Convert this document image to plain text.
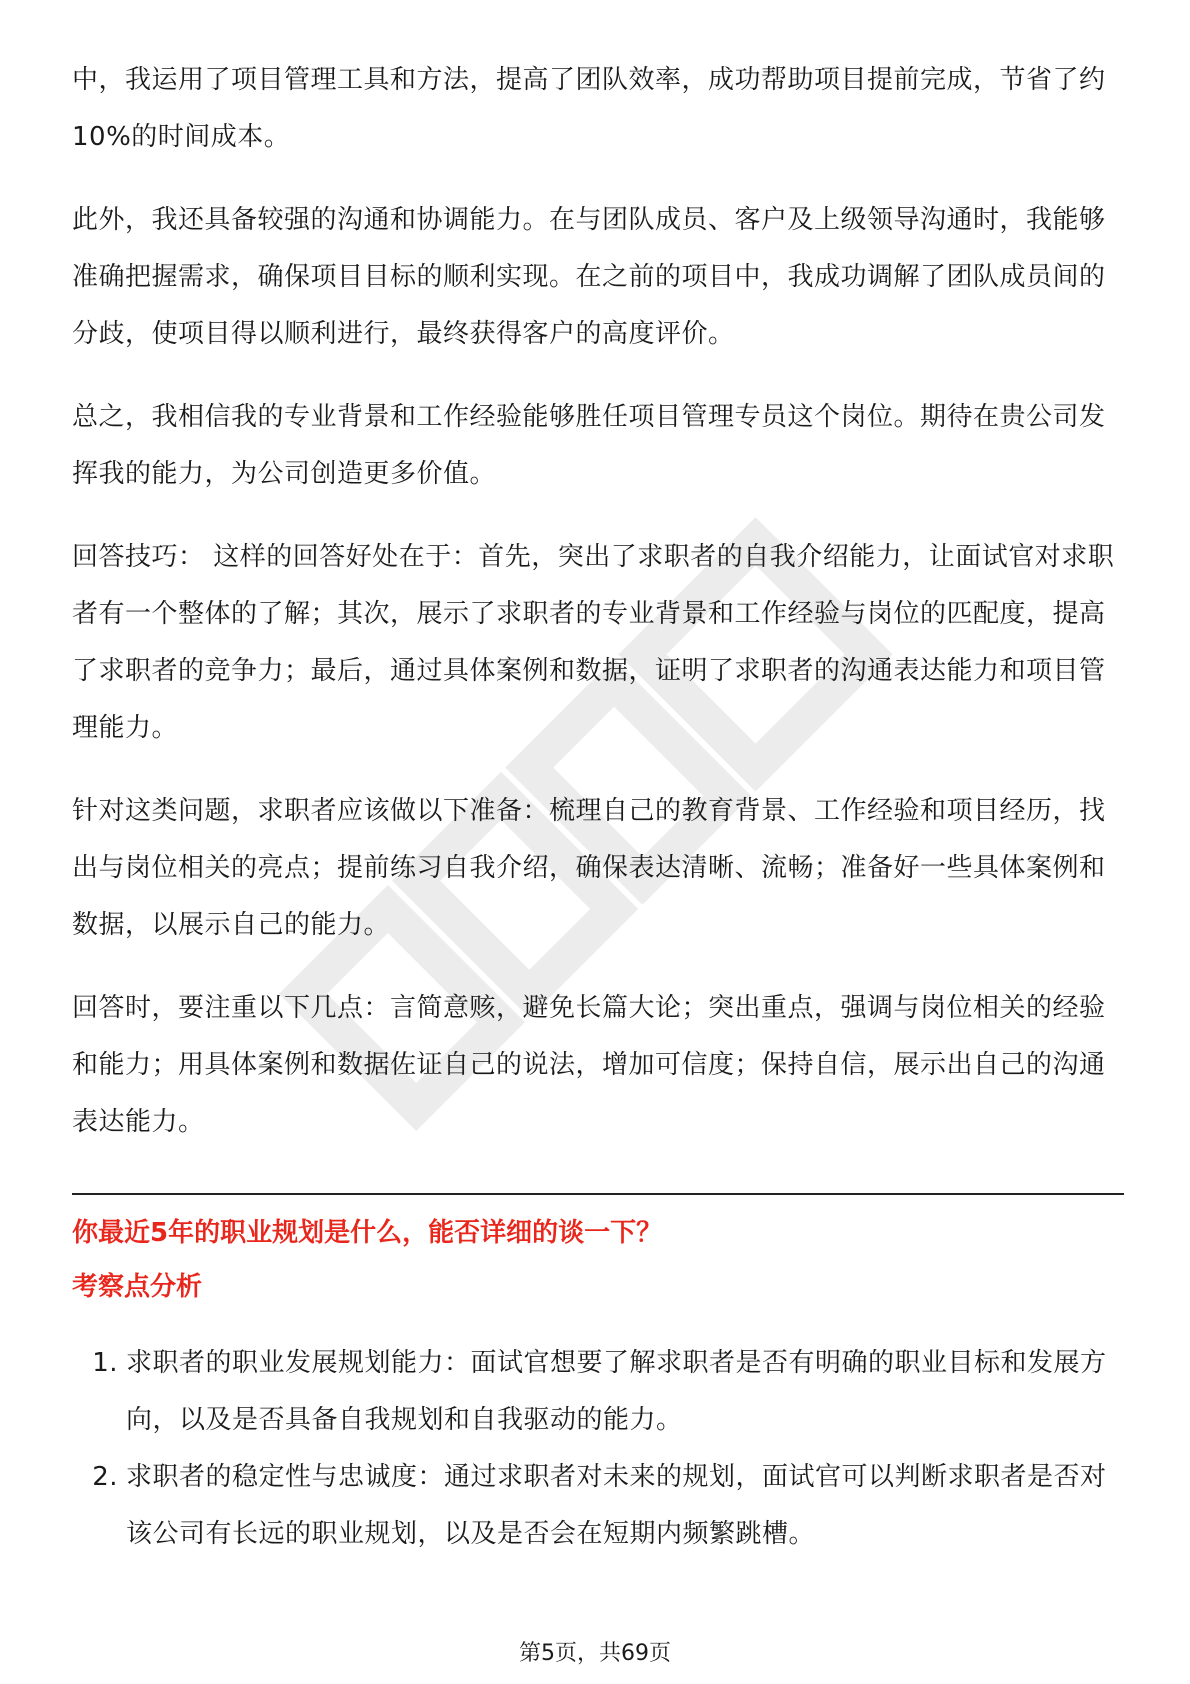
中，我运用了项目管理工具和方法，提高了团队效率，成功帮助项目提前完成，节省了约10%的时间成本。

此外，我还具备较强的沟通和协调能力。在与团队成员、客户及上级领导沟通时，我能够准确把握需求，确保项目目标的顺利实现。在之前的项目中，我成功调解了团队成员间的分歧，使项目得以顺利进行，最终获得客户的高度评价。

总之，我相信我的专业背景和工作经验能够胜任项目管理专员这个岗位。期待在贵公司发挥我的能力，为公司创造更多价值。

回答技巧： 这样的回答好处在于：首先，突出了求职者的自我介绍能力，让面试官对求职者有一个整体的了解；其次，展示了求职者的专业背景和工作经验与岗位的匹配度，提高了求职者的竞争力；最后，通过具体案例和数据，证明了求职者的沟通表达能力和项目管理能力。

针对这类问题，求职者应该做以下准备：梳理自己的教育背景、工作经验和项目经历，找出与岗位相关的亮点；提前练习自我介绍，确保表达清晰、流畅；准备好一些具体案例和数据，以展示自己的能力。

回答时，要注重以下几点：言简意赅，避免长篇大论；突出重点，强调与岗位相关的经验和能力；用具体案例和数据佐证自己的说法，增加可信度；保持自信，展示出自己的沟通表达能力。

你最近5年的职业规划是什么，能否详细的谈一下？

考察点分析

1. 求职者的职业发展规划能力：面试官想要了解求职者是否有明确的职业目标和发展方向，以及是否具备自我规划和自我驱动的能力。
2. 求职者的稳定性与忠诚度：通过求职者对未来的规划，面试官可以判断求职者是否对该公司有长远的职业规划，以及是否会在短期内频繁跳槽。
第5页，共69页
